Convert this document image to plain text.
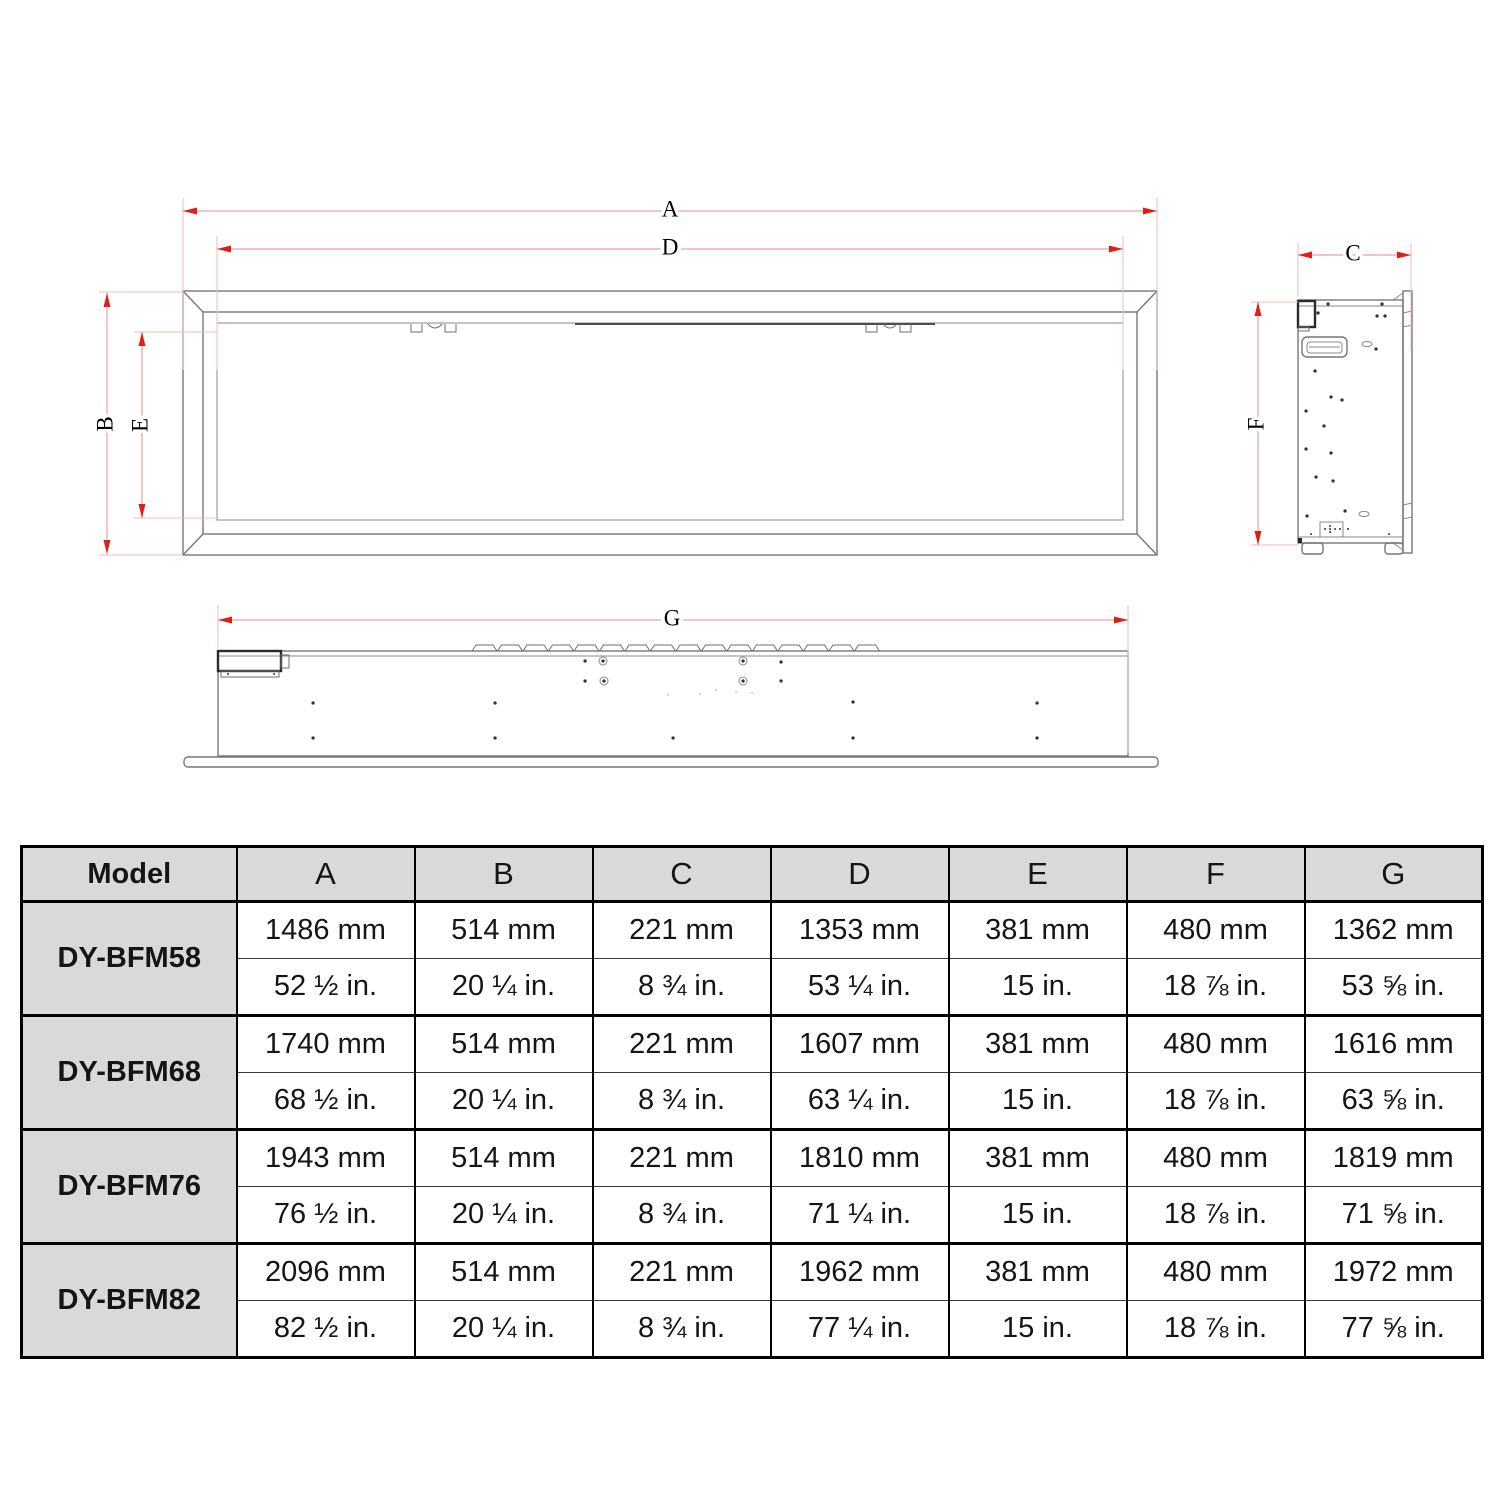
A
D
B E
C
F
G
Model	A	B	C	D	E	F	G
DY-BFM58	1486 mm	514 mm	221 mm	1353 mm	381 mm	480 mm	1362 mm
	52 ½ in.	20 ¼ in.	8 ¾ in.	53 ¼ in.	15 in.	18 ⅞ in.	53 ⅝ in.
DY-BFM68	1740 mm	514 mm	221 mm	1607 mm	381 mm	480 mm	1616 mm
	68 ½ in.	20 ¼ in.	8 ¾ in.	63 ¼ in.	15 in.	18 ⅞ in.	63 ⅝ in.
DY-BFM76	1943 mm	514 mm	221 mm	1810 mm	381 mm	480 mm	1819 mm
	76 ½ in.	20 ¼ in.	8 ¾ in.	71 ¼ in.	15 in.	18 ⅞ in.	71 ⅝ in.
DY-BFM82	2096 mm	514 mm	221 mm	1962 mm	381 mm	480 mm	1972 mm
	82 ½ in.	20 ¼ in.	8 ¾ in.	77 ¼ in.	15 in.	18 ⅞ in.	77 ⅝ in.
